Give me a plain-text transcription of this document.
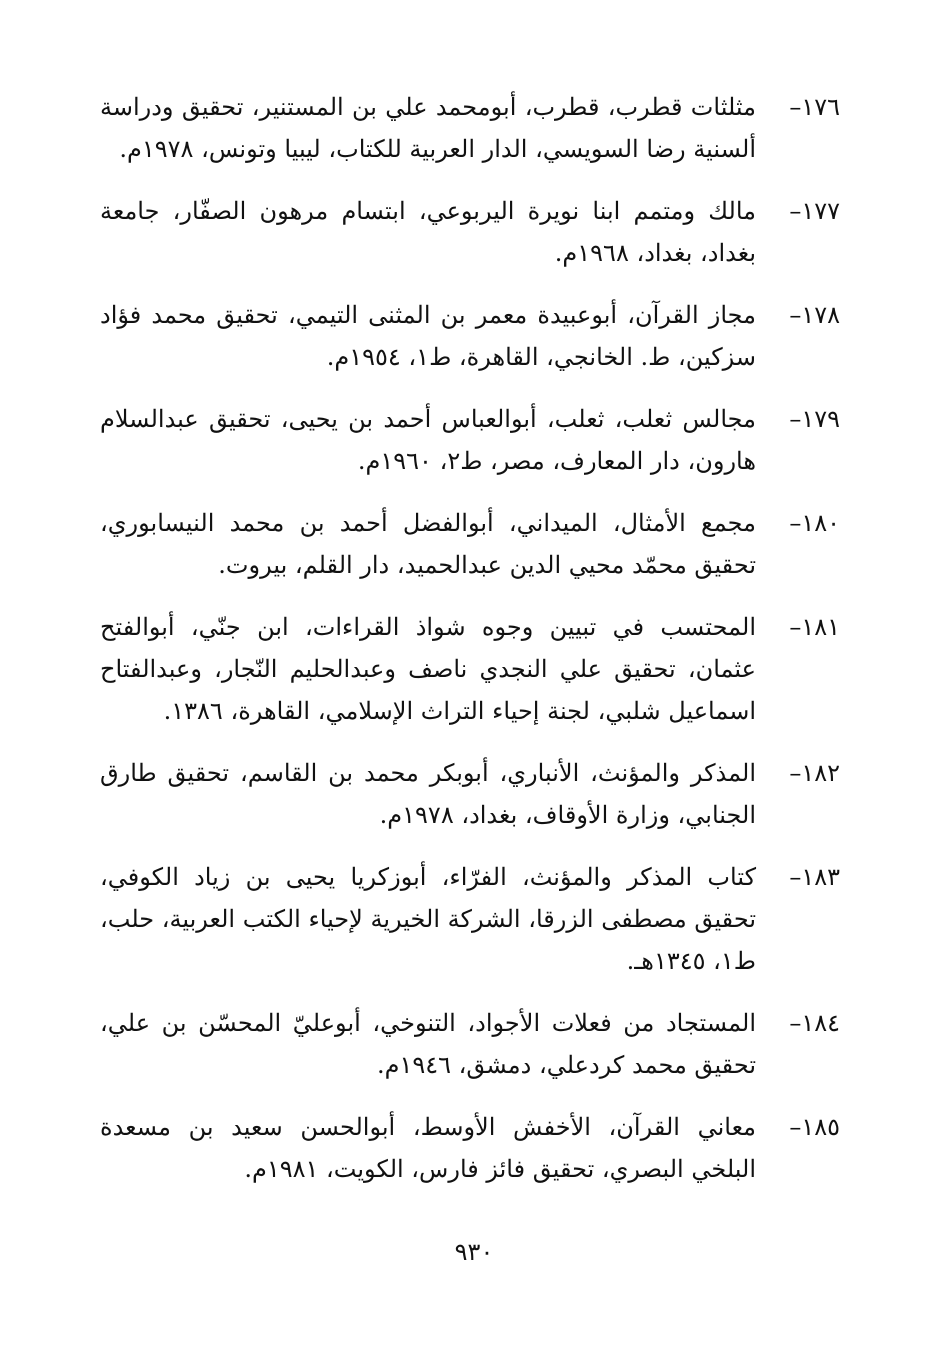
١٧٦–
مثلثات قطرب، قطرب، أبومحمد علي بن المستنير، تحقيق ودراسة ألسنية رضا السويسي، الدار العربية للكتاب، ليبيا وتونس، ١٩٧٨م.
١٧٧–
مالك ومتمم ابنا نويرة اليربوعي، ابتسام مرهون الصفّار، جامعة بغداد، بغداد، ١٩٦٨م.
١٧٨–
مجاز القرآن، أبوعبيدة معمر بن المثنى التيمي، تحقيق محمد فؤاد سزكين، ط. الخانجي، القاهرة، ط١، ١٩٥٤م.
١٧٩–
مجالس ثعلب، ثعلب، أبوالعباس أحمد بن يحيى، تحقيق عبدالسلام هارون، دار المعارف، مصر، ط٢، ١٩٦٠م.
١٨٠–
مجمع الأمثال، الميداني، أبوالفضل أحمد بن محمد النيسابوري، تحقيق محمّد محيي الدين عبدالحميد، دار القلم، بيروت.
١٨١–
المحتسب في تبيين وجوه شواذ القراءات، ابن جنّي، أبوالفتح عثمان، تحقيق علي النجدي ناصف وعبدالحليم النّجار، وعبدالفتاح اسماعيل شلبي، لجنة إحياء التراث الإسلامي، القاهرة، ١٣٨٦.
١٨٢–
المذكر والمؤنث، الأنباري، أبوبكر محمد بن القاسم، تحقيق طارق الجنابي، وزارة الأوقاف، بغداد، ١٩٧٨م.
١٨٣–
كتاب المذكر والمؤنث، الفرّاء، أبوزكريا يحيى بن زياد الكوفي، تحقيق مصطفى الزرقا، الشركة الخيرية لإحياء الكتب العربية، حلب، ط١، ١٣٤٥هـ.
١٨٤–
المستجاد من فعلات الأجواد، التنوخي، أبوعليّ المحسّن بن علي، تحقيق محمد كردعلي، دمشق، ١٩٤٦م.
١٨٥–
معاني القرآن، الأخفش الأوسط، أبوالحسن سعيد بن مسعدة البلخي البصري، تحقيق فائز فارس، الكويت، ١٩٨١م.
٩٣٠
